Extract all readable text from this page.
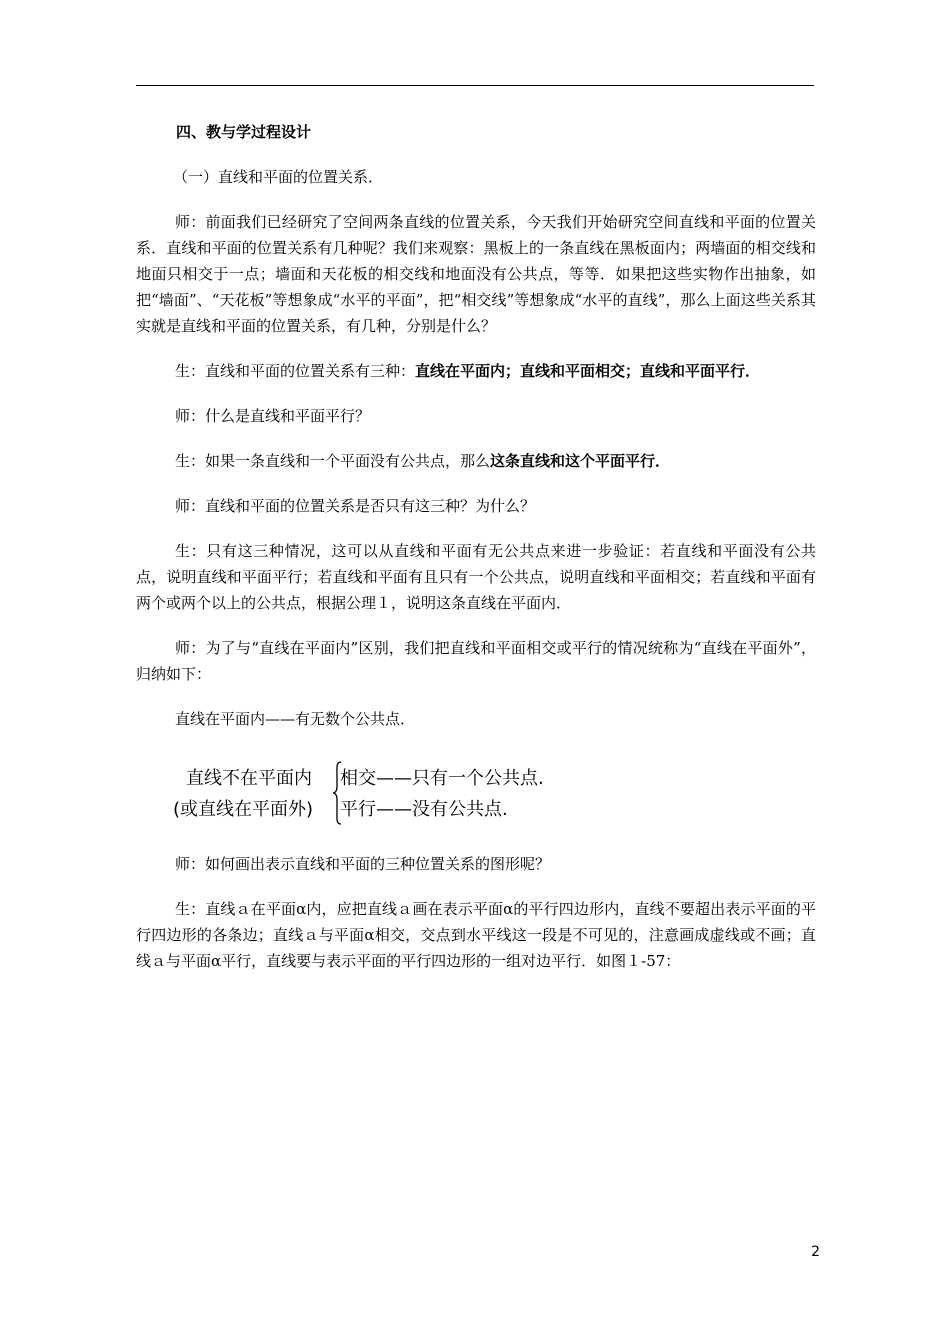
四、教与学过程设计

（一）直线和平面的位置关系．

师：前面我们已经研究了空间两条直线的位置关系，今天我们开始研究空间直线和平面的位置关系．直线和平面的位置关系有几种呢？我们来观察：黑板上的一条直线在黑板面内；两墙面的相交线和地面只相交于一点；墙面和天花板的相交线和地面没有公共点，等等．如果把这些实物作出抽象，如把“墙面”、“天花板”等想象成“水平的平面”，把“相交线”等想象成“水平的直线”，那么上面这些关系其实就是直线和平面的位置关系，有几种，分别是什么？

生：直线和平面的位置关系有三种：直线在平面内；直线和平面相交；直线和平面平行．

师：什么是直线和平面平行？

生：如果一条直线和一个平面没有公共点，那么这条直线和这个平面平行．

师：直线和平面的位置关系是否只有这三种？为什么？

生：只有这三种情况，这可以从直线和平面有无公共点来进一步验证：若直线和平面没有公共点，说明直线和平面平行；若直线和平面有且只有一个公共点，说明直线和平面相交；若直线和平面有两个或两个以上的公共点，根据公理１，说明这条直线在平面内．

师：为了与“直线在平面内”区别，我们把直线和平面相交或平行的情况统称为“直线在平面外”，归纳如下：

直线在平面内——有无数个公共点．

直线不在平面内
(或直线在平面外)
相交——只有一个公共点.
平行——没有公共点.

师：如何画出表示直线和平面的三种位置关系的图形呢？

生：直线ａ在平面α内，应把直线ａ画在表示平面α的平行四边形内，直线不要超出表示平面的平行四边形的各条边；直线ａ与平面α相交，交点到水平线这一段是不可见的，注意画成虚线或不画；直线ａ与平面α平行，直线要与表示平面的平行四边形的一组对边平行．如图１-57：

2
